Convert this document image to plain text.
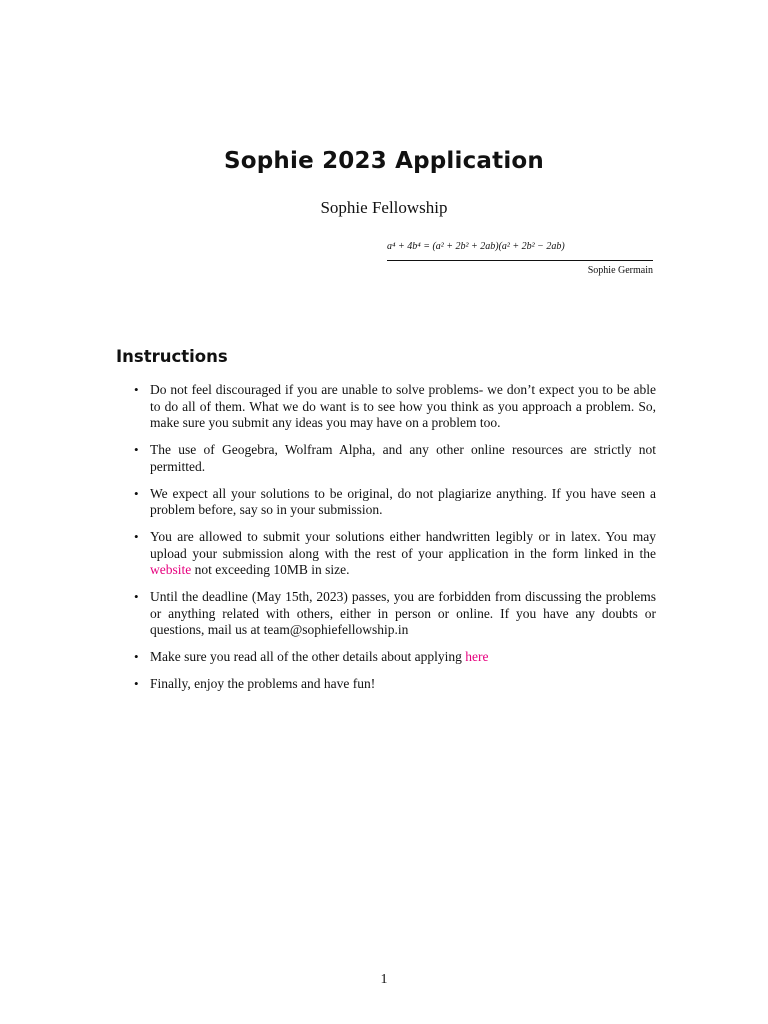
Sophie 2023 Application
Sophie Fellowship
a⁴ + 4b⁴ = (a² + 2b² + 2ab)(a² + 2b² − 2ab)
Sophie Germain
Instructions
• Do not feel discouraged if you are unable to solve problems- we don’t expect you to be able to do all of them. What we do want is to see how you think as you approach a problem. So, make sure you submit any ideas you may have on a problem too.
• The use of Geogebra, Wolfram Alpha, and any other online resources are strictly not permitted.
• We expect all your solutions to be original, do not plagiarize anything. If you have seen a problem before, say so in your submission.
• You are allowed to submit your solutions either handwritten legibly or in latex. You may upload your submission along with the rest of your application in the form linked in the website not exceeding 10MB in size.
• Until the deadline (May 15th, 2023) passes, you are forbidden from discussing the problems or anything related with others, either in person or online. If you have any doubts or questions, mail us at team@sophiefellowship.in
• Make sure you read all of the other details about applying here
• Finally, enjoy the problems and have fun!
1
